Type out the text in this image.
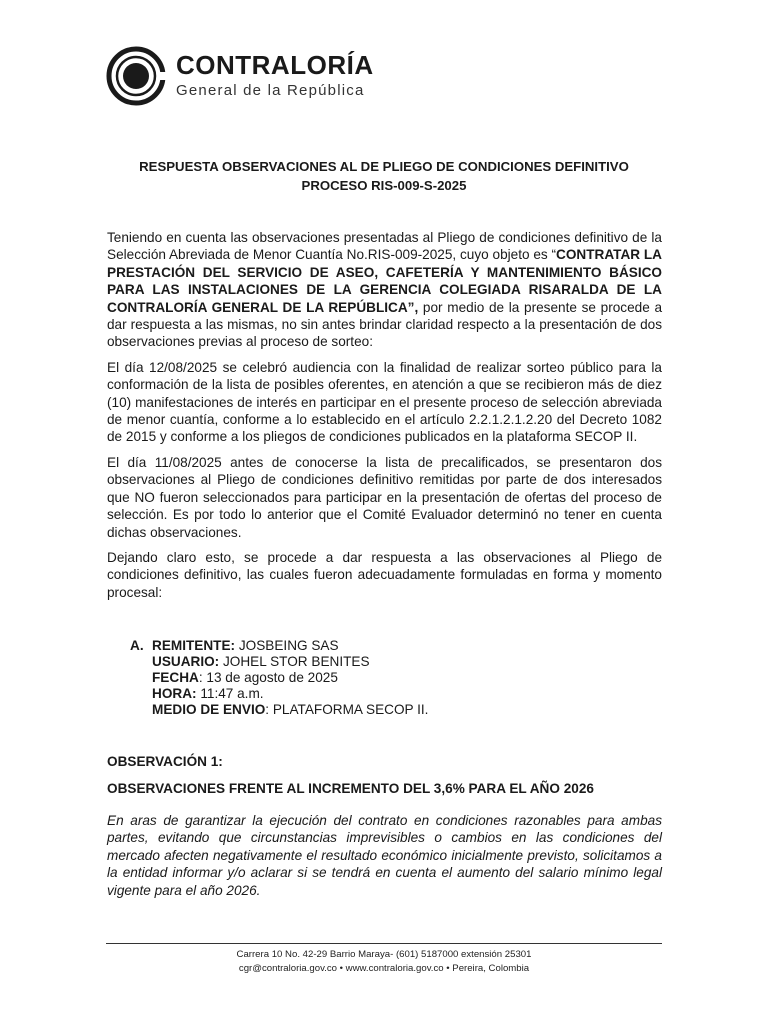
CONTRALORÍA
General de la República
RESPUESTA OBSERVACIONES AL DE PLIEGO DE CONDICIONES DEFINITIVO
PROCESO RIS-009-S-2025

Teniendo en cuenta las observaciones presentadas al Pliego de condiciones definitivo de la Selección Abreviada de Menor Cuantía No.RIS-009-2025, cuyo objeto es “CONTRATAR LA PRESTACIÓN DEL SERVICIO DE ASEO, CAFETERÍA Y MANTENIMIENTO BÁSICO PARA LAS INSTALACIONES DE LA GERENCIA COLEGIADA RISARALDA DE LA CONTRALORÍA GENERAL DE LA REPÚBLICA”, por medio de la presente se procede a dar respuesta a las mismas, no sin antes brindar claridad respecto a la presentación de dos observaciones previas al proceso de sorteo:

El día 12/08/2025 se celebró audiencia con la finalidad de realizar sorteo público para la conformación de la lista de posibles oferentes, en atención a que se recibieron más de diez (10) manifestaciones de interés en participar en el presente proceso de selección abreviada de menor cuantía, conforme a lo establecido en el artículo 2.2.1.2.1.2.20 del Decreto 1082 de 2015 y conforme a los pliegos de condiciones publicados en la plataforma SECOP II.

El día 11/08/2025 antes de conocerse la lista de precalificados, se presentaron dos observaciones al Pliego de condiciones definitivo remitidas por parte de dos interesados que NO fueron seleccionados para participar en la presentación de ofertas del proceso de selección. Es por todo lo anterior que el Comité Evaluador determinó no tener en cuenta dichas observaciones.

Dejando claro esto, se procede a dar respuesta a las observaciones al Pliego de condiciones definitivo, las cuales fueron adecuadamente formuladas en forma y momento procesal:

A. REMITENTE: JOSBEING SAS
USUARIO: JOHEL STOR BENITES
FECHA: 13 de agosto de 2025
HORA: 11:47 a.m.
MEDIO DE ENVIO: PLATAFORMA SECOP II.
OBSERVACIÓN 1:
OBSERVACIONES FRENTE AL INCREMENTO DEL 3,6% PARA EL AÑO 2026
En aras de garantizar la ejecución del contrato en condiciones razonables para ambas partes, evitando que circunstancias imprevisibles o cambios en las condiciones del mercado afecten negativamente el resultado económico inicialmente previsto, solicitamos a la entidad informar y/o aclarar si se tendrá en cuenta el aumento del salario mínimo legal vigente para el año 2026.
Carrera 10 No. 42-29 Barrio Maraya- (601) 5187000 extensión 25301
cgr@contraloria.gov.co • www.contraloria.gov.co • Pereira, Colombia
